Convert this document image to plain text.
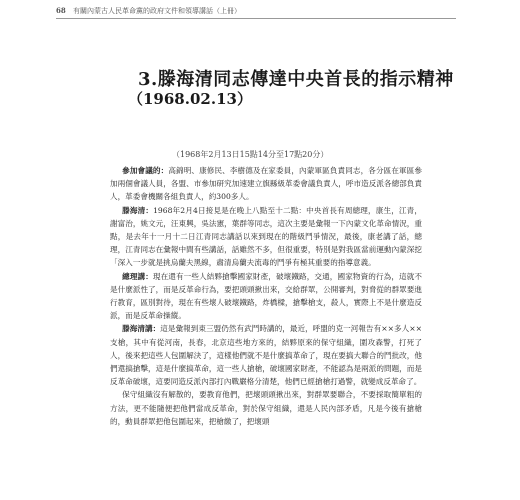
68 有關內蒙古人民革命黨的政府文件和領導講話（上冊）
3.滕海清同志傳達中央首長的指示精神
（1968.02.13）
（1968年2月13日15點14分至17點20分）

參加會議的：高錦明、康修民、李樹德及在家委員，內蒙軍區負責同志，各分區在軍區參加兩個會議人員，各盟、市參加研究加速建立旗縣級革委會議負責人，呼市造反派各總部負責人，革委會機關各組負責人，約300多人。

滕海清：1968年2月4日接見是在晚上八點至十二點：中央首長有周總理，康生，江青，謝富治，姚文元，汪東興，吳法憲，葉群等同志，這次主要是彙報一下內蒙文化革命情況，重點，是去年十一月十二日江青同志講話以來到現在的階級鬥爭情況，最後，康老講了話，總理，江青同志在彙報中間有些講話，話雖然不多，但很重要，特別是對我區當前運動內蒙深挖「深入一步就是挑烏蘭夫黑線，肅清烏蘭夫流毒的鬥爭有極其重要的指導意義。

總理講：現在還有一些人結夥搶擊國家財產，破壞鐵路，交通，國家物資的行為，這就不是什麼派性了，而是反革命行為，要把頭頭揪出來，交給群眾，公開審判，對脅從的群眾要進行教育，區別對待，現在有些壞人破壞鐵路，炸橋樑，搶擊槍支，殺人，實際上不是什麼造反派，而是反革命操縱。

滕海清講：這是彙報到東三盟仍然有武鬥時講的，最近，呼盟的克一河報告有××多人××支槍，其中有從河南，長春，北京這些地方來的，結夥原來的保守組織，圍攻森警，打死了人，後來把這些人包圍解決了，這樣他們就不是什麼搞革命了，現在要搞大聯合的鬥批改，他們還搞搶擊，這是什麼搞革命，這一些人搶槍，破壞國家財產，不能認為是兩派的問題，而是反革命破壞，這要同造反派內部打內戰嚴格分清楚，他們已經搶槍打過警，就變成反革命了。

保守組織沒有解散的，要教育他們，把壞頭頭揪出來，對群眾要聯合，不要採取簡單粗的方法，更不能隨便把他們當成反革命，對於保守組織，還是人民內部矛盾，凡是今後有搶槍的，動員群眾把他包圍起來，把槍繳了，把壞頭
